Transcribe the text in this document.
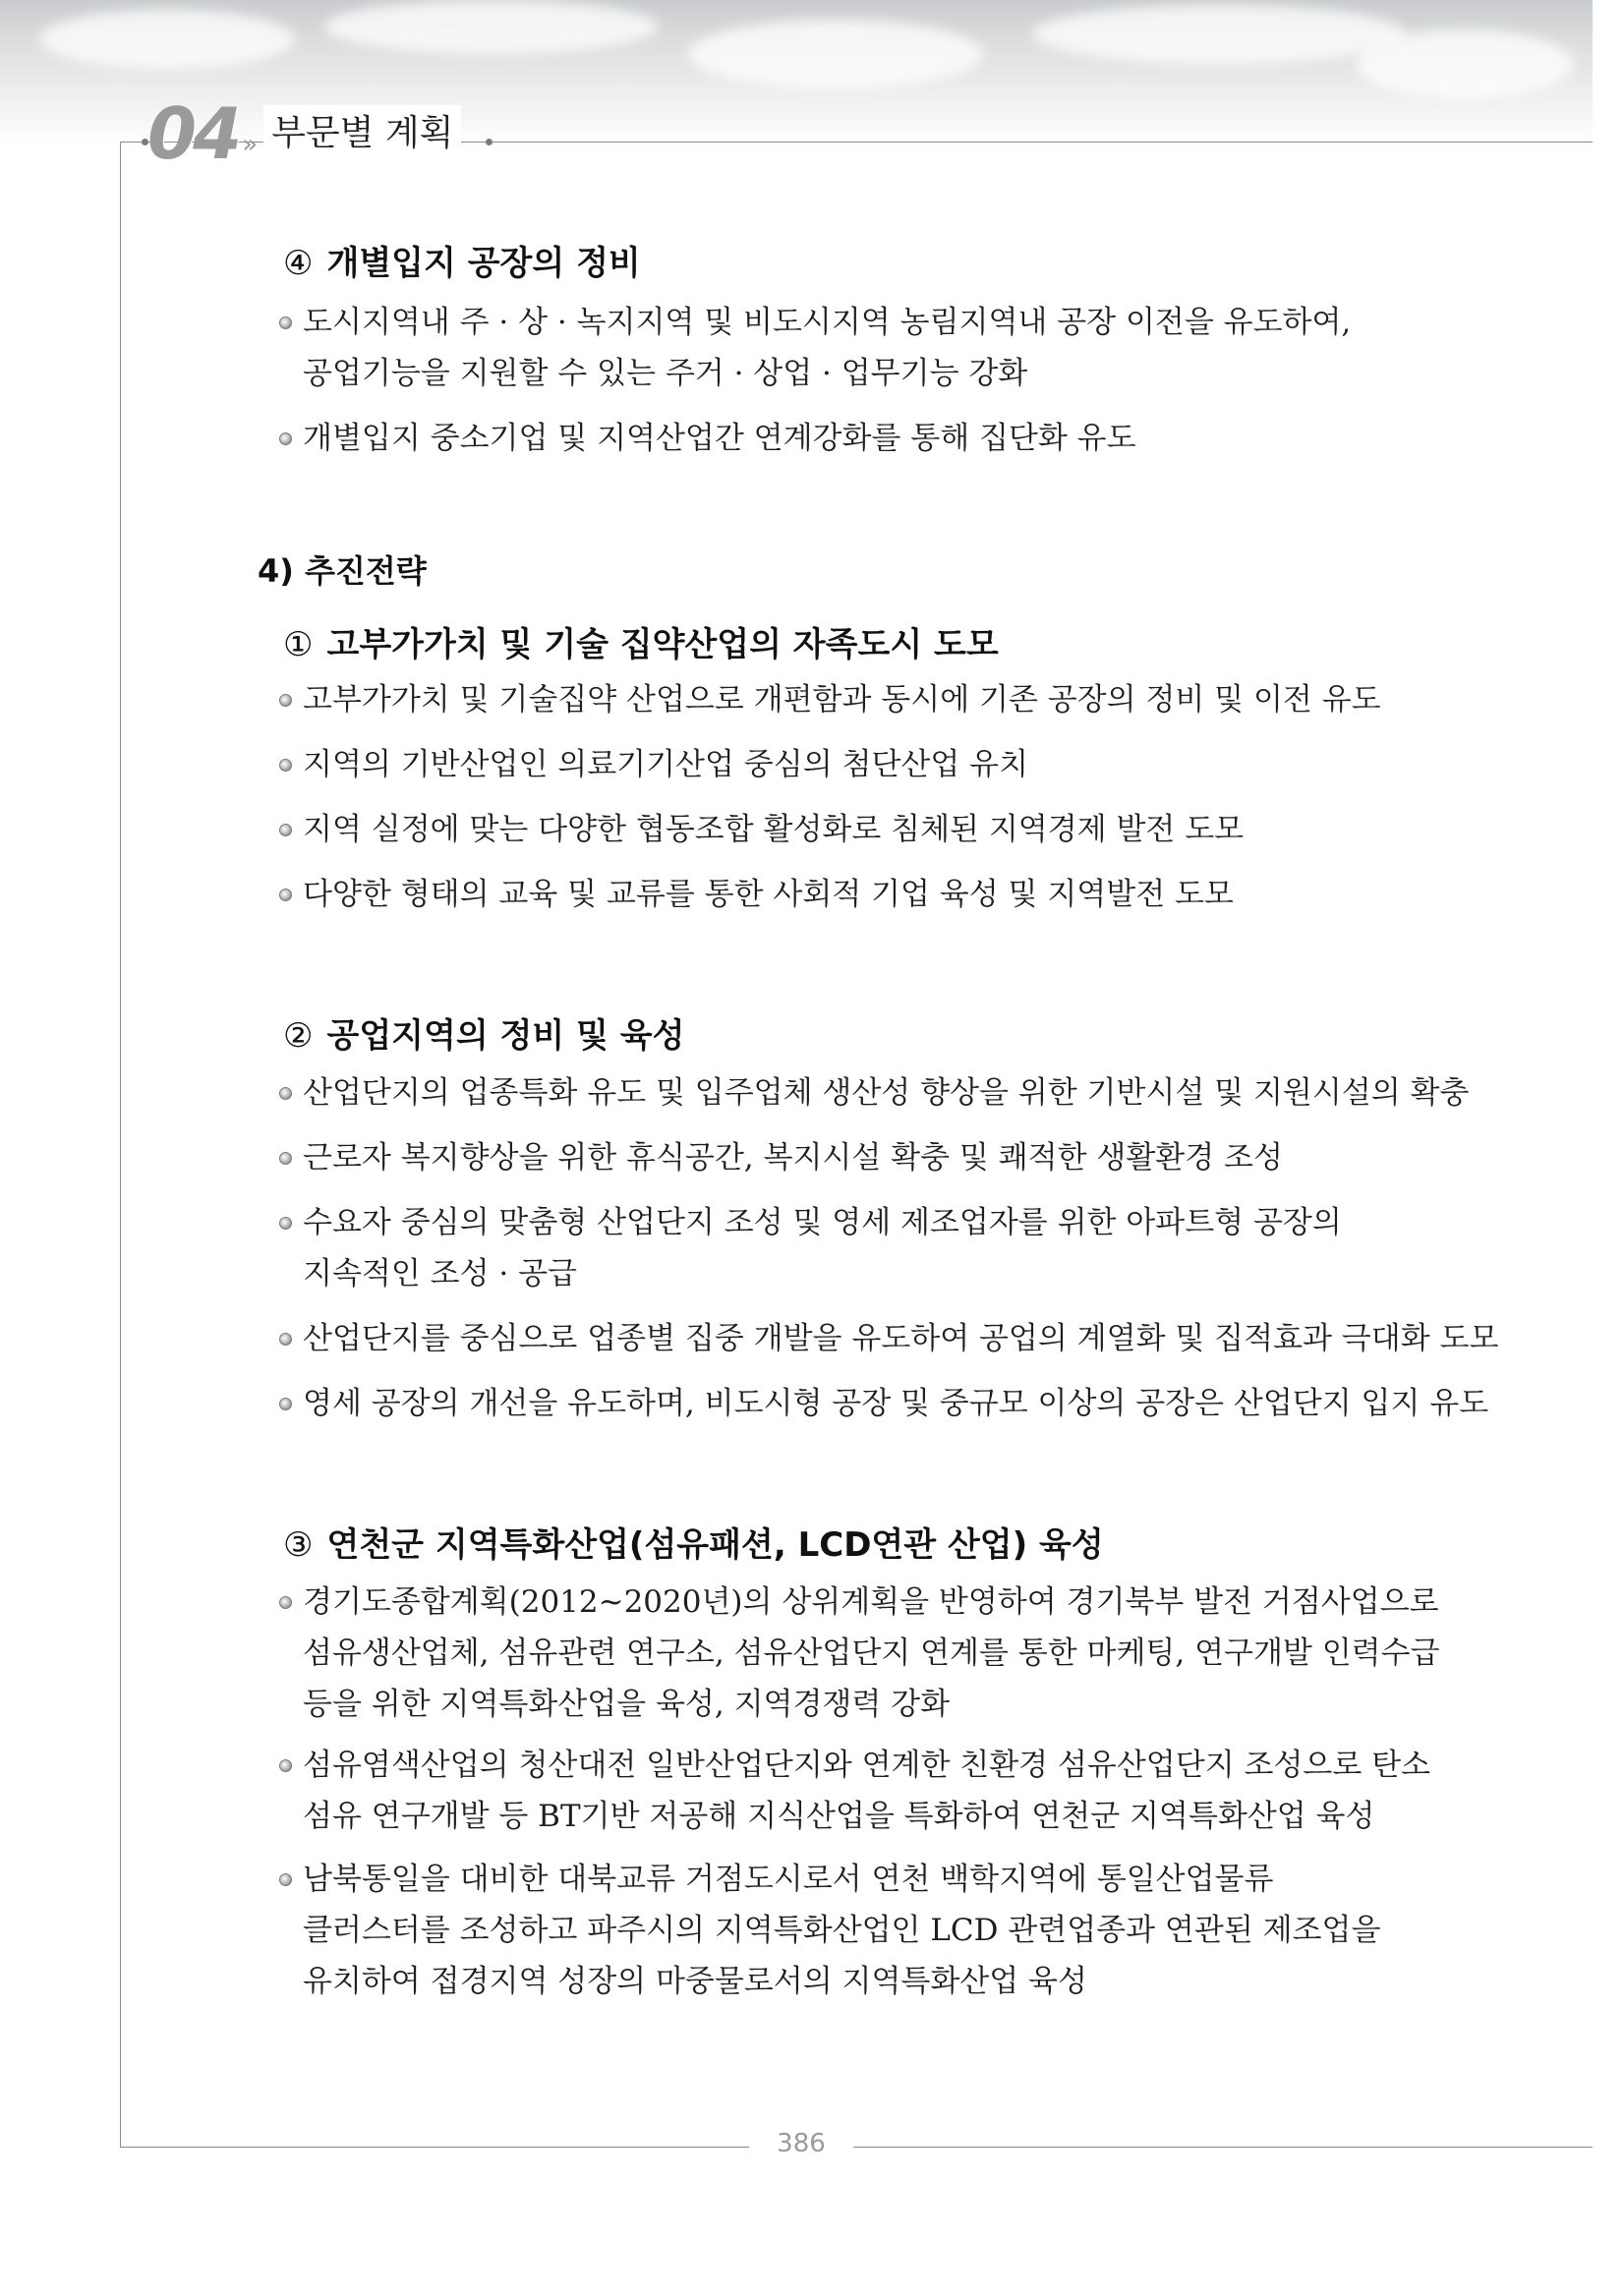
04 » 부문별 계획
④ 개별입지 공장의 정비
도시지역내 주 · 상 · 녹지지역 및 비도시지역 농림지역내 공장 이전을 유도하여,
공업기능을 지원할 수 있는 주거 · 상업 · 업무기능 강화
개별입지 중소기업 및 지역산업간 연계강화를 통해 집단화 유도
4) 추진전략
① 고부가가치 및 기술 집약산업의 자족도시 도모
고부가가치 및 기술집약 산업으로 개편함과 동시에 기존 공장의 정비 및 이전 유도
지역의 기반산업인 의료기기산업 중심의 첨단산업 유치
지역 실정에 맞는 다양한 협동조합 활성화로 침체된 지역경제 발전 도모
다양한 형태의 교육 및 교류를 통한 사회적 기업 육성 및 지역발전 도모
② 공업지역의 정비 및 육성
산업단지의 업종특화 유도 및 입주업체 생산성 향상을 위한 기반시설 및 지원시설의 확충
근로자 복지향상을 위한 휴식공간, 복지시설 확충 및 쾌적한 생활환경 조성
수요자 중심의 맞춤형 산업단지 조성 및 영세 제조업자를 위한 아파트형 공장의
지속적인 조성 · 공급
산업단지를 중심으로 업종별 집중 개발을 유도하여 공업의 계열화 및 집적효과 극대화 도모
영세 공장의 개선을 유도하며, 비도시형 공장 및 중규모 이상의 공장은 산업단지 입지 유도
③ 연천군 지역특화산업(섬유패션, LCD연관 산업) 육성
경기도종합계획(2012~2020년)의 상위계획을 반영하여 경기북부 발전 거점사업으로
섬유생산업체, 섬유관련 연구소, 섬유산업단지 연계를 통한 마케팅, 연구개발 인력수급
등을 위한 지역특화산업을 육성, 지역경쟁력 강화
섬유염색산업의 청산대전 일반산업단지와 연계한 친환경 섬유산업단지 조성으로 탄소
섬유 연구개발 등 BT기반 저공해 지식산업을 특화하여 연천군 지역특화산업 육성
남북통일을 대비한 대북교류 거점도시로서 연천 백학지역에 통일산업물류
클러스터를 조성하고 파주시의 지역특화산업인 LCD 관련업종과 연관된 제조업을
유치하여 접경지역 성장의 마중물로서의 지역특화산업 육성
386
